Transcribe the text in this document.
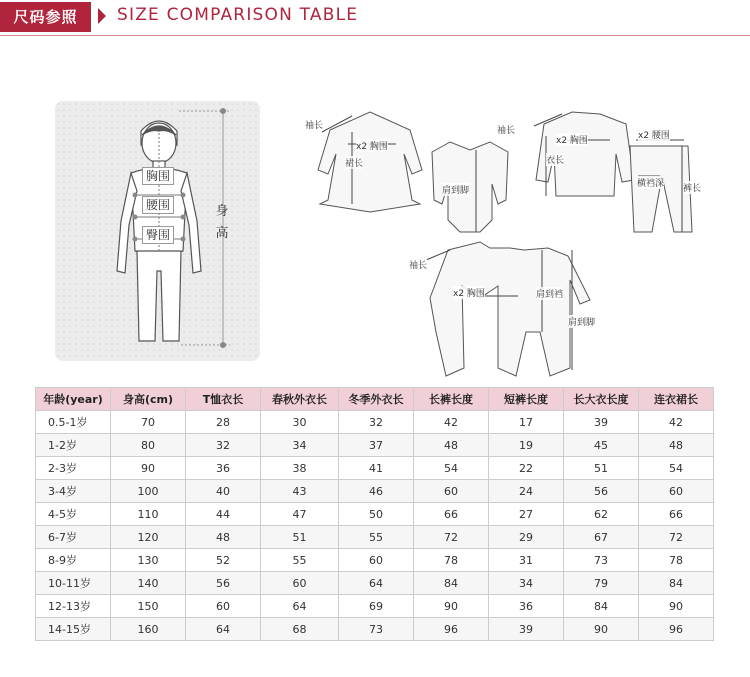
尺码参照	SIZE COMPARISON TABLE
胸围
腰围
臀围
身高
袖长
x2 胸围
裙长
肩到脚
袖长
x2 胸围
衣长
x2 腰围
横裆深 裤长
袖长
x2 胸围	肩到裆
肩到脚
年龄(year)	身高(cm)	T恤衣长	春秋外衣长	冬季外衣长	长裤长度	短裤长度	长大衣长度	连衣裙长
0.5-1岁	70	28	30	32	42	17	39	42
1-2岁	80	32	34	37	48	19	45	48
2-3岁	90	36	38	41	54	22	51	54
3-4岁	100	40	43	46	60	24	56	60
4-5岁	110	44	47	50	66	27	62	66
6-7岁	120	48	51	55	72	29	67	72
8-9岁	130	52	55	60	78	31	73	78
10-11岁	140	56	60	64	84	34	79	84
12-13岁	150	60	64	69	90	36	84	90
14-15岁	160	64	68	73	96	39	90	96
